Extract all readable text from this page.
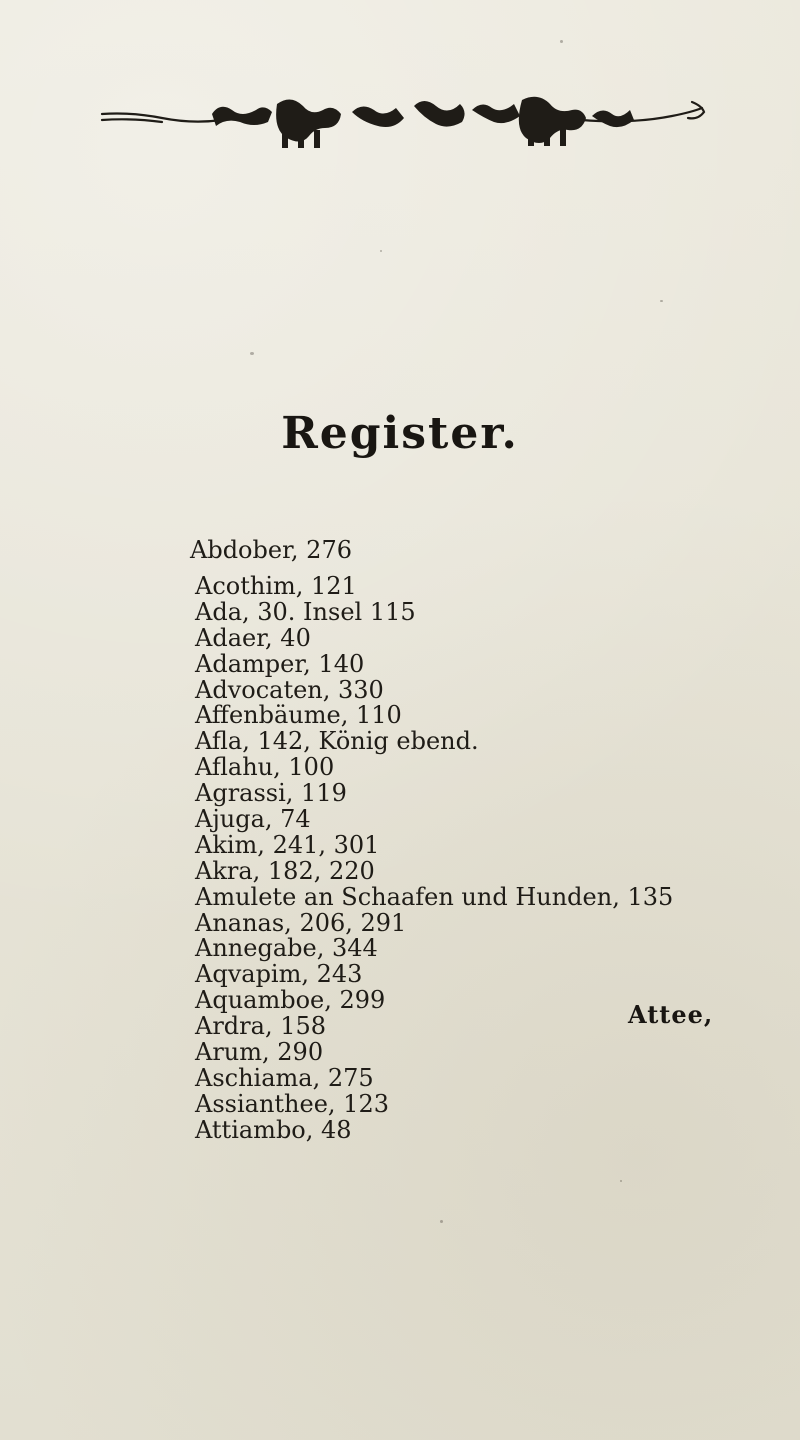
Register.
Abdober, 276
Acothim, 121
Ada, 30. Insel 115
Adaer, 40
Adamper, 140
Advocaten, 330
Affenbäume, 110
Afla, 142, König ebend.
Aflahu, 100
Agrassi, 119
Ajuga, 74
Akim, 241, 301
Akra, 182, 220
Amulete an Schaafen und Hunden, 135
Ananas, 206, 291
Annegabe, 344
Aqvapim, 243
Aquamboe, 299
Ardra, 158
Arum, 290
Aschiama, 275
Assianthee, 123
Attiambo, 48
Attee,
